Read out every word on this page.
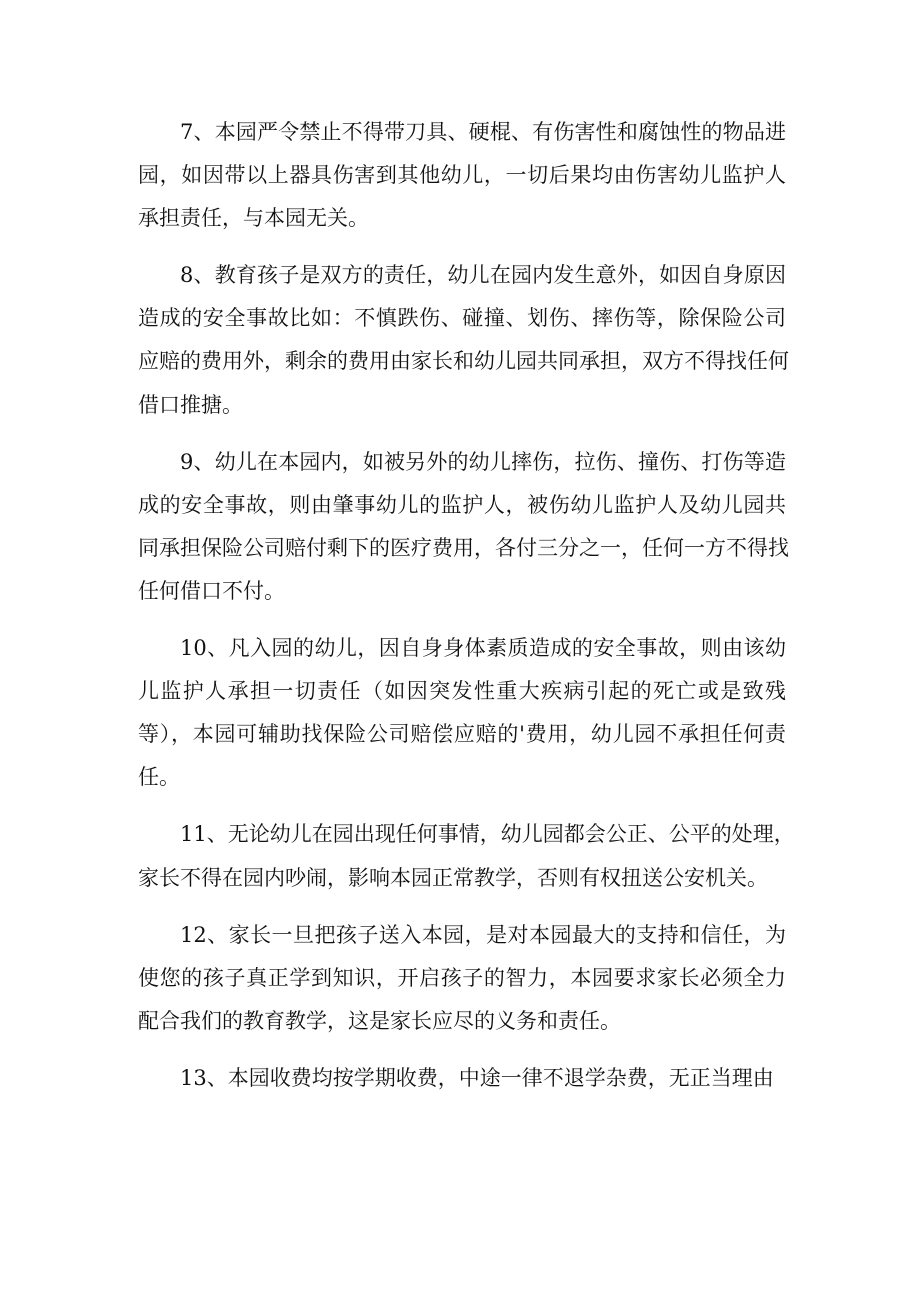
7、本园严令禁止不得带刀具、硬棍、有伤害性和腐蚀性的物品进
园，如因带以上器具伤害到其他幼儿，一切后果均由伤害幼儿监护人
承担责任，与本园无关。
8、教育孩子是双方的责任，幼儿在园内发生意外，如因自身原因
造成的安全事故比如：不慎跌伤、碰撞、划伤、摔伤等，除保险公司
应赔的费用外，剩余的费用由家长和幼儿园共同承担，双方不得找任何
借口推搪。
9、幼儿在本园内，如被另外的幼儿摔伤，拉伤、撞伤、打伤等造
成的安全事故，则由肇事幼儿的监护人，被伤幼儿监护人及幼儿园共
同承担保险公司赔付剩下的医疗费用，各付三分之一，任何一方不得找
任何借口不付。
10、凡入园的幼儿，因自身身体素质造成的安全事故，则由该幼
儿监护人承担一切责任（如因突发性重大疾病引起的死亡或是致残
等），本园可辅助找保险公司赔偿应赔的'费用，幼儿园不承担任何责
任。
11、无论幼儿在园出现任何事情，幼儿园都会公正、公平的处理，
家长不得在园内吵闹，影响本园正常教学，否则有权扭送公安机关。
12、家长一旦把孩子送入本园，是对本园最大的支持和信任，为
使您的孩子真正学到知识，开启孩子的智力，本园要求家长必须全力
配合我们的教育教学，这是家长应尽的义务和责任。
13、本园收费均按学期收费，中途一律不退学杂费，无正当理由
